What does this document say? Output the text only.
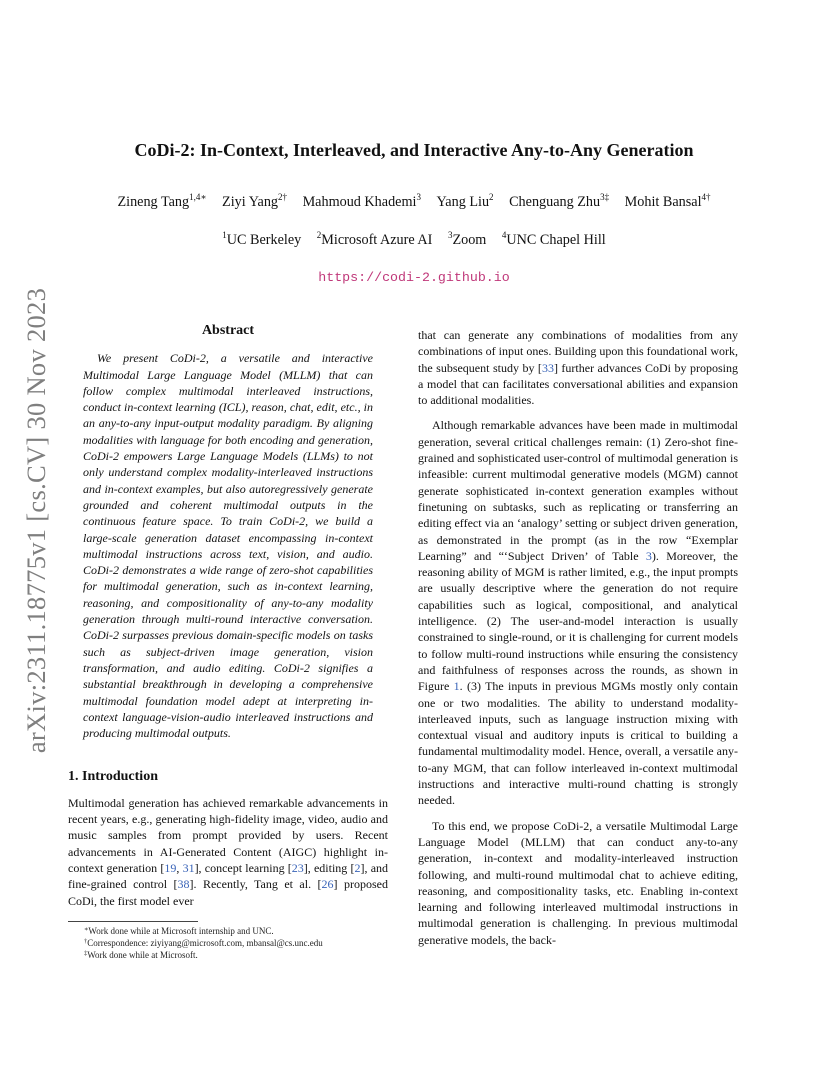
arXiv:2311.18775v1 [cs.CV] 30 Nov 2023
CoDi-2: In-Context, Interleaved, and Interactive Any-to-Any Generation
Zineng Tang$^{1,4∗}$ Ziyi Yang$^{2\dagger}$ Mahmoud Khademi$^3$ Yang Liu$^2$ Chenguang Zhu$^{3\ddagger}$ Mohit Bansal$^{4\dagger}$
$^1$UC Berkeley $^2$Microsoft Azure AI $^3$Zoom $^4$UNC Chapel Hill
https://codi-2.github.io
Abstract

We present CoDi-2, a versatile and interactive Multimodal Large Language Model (MLLM) that can follow complex multimodal interleaved instructions, conduct in-context learning (ICL), reason, chat, edit, etc., in an any-to-any input-output modality paradigm. By aligning modalities with language for both encoding and generation, CoDi-2 empowers Large Language Models (LLMs) to not only understand complex modality-interleaved instructions and in-context examples, but also autoregressively generate grounded and coherent multimodal outputs in the continuous feature space. To train CoDi-2, we build a large-scale generation dataset encompassing in-context multimodal instructions across text, vision, and audio. CoDi-2 demonstrates a wide range of zero-shot capabilities for multimodal generation, such as in-context learning, reasoning, and compositionality of any-to-any modality generation through multi-round interactive conversation. CoDi-2 surpasses previous domain-specific models on tasks such as subject-driven image generation, vision transformation, and audio editing. CoDi-2 signifies a substantial breakthrough in developing a comprehensive multimodal foundation model adept at interpreting in-context language-vision-audio interleaved instructions and producing multimodal outputs.

1. Introduction

Multimodal generation has achieved remarkable advancements in recent years, e.g., generating high-fidelity image, video, audio and music samples from prompt provided by users. Recent advancements in AI-Generated Content (AIGC) highlight in-context generation [19, 31], concept learning [23], editing [2], and fine-grained control [38]. Recently, Tang et al. [26] proposed CoDi, the first model ever

∗Work done while at Microsoft internship and UNC.

†Correspondence: ziyiyang@microsoft.com, mbansal@cs.unc.edu

‡Work done while at Microsoft.

that can generate any combinations of modalities from any combinations of input ones. Building upon this foundational work, the subsequent study by [33] further advances CoDi by proposing a model that can facilitates conversational abilities and expansion to additional modalities.

Although remarkable advances have been made in multimodal generation, several critical challenges remain: (1) Zero-shot fine-grained and sophisticated user-control of multimodal generation is infeasible: current multimodal generative models (MGM) cannot generate sophisticated in-context generation examples without finetuning on subtasks, such as replicating or transferring an editing effect via an ‘analogy’ setting or subject driven generation, as demonstrated in the prompt (as in the row “Exemplar Learning” and “‘Subject Driven’ of Table 3). Moreover, the reasoning ability of MGM is rather limited, e.g., the input prompts are usually descriptive where the generation do not require capabilities such as logical, compositional, and analytical intelligence. (2) The user-and-model interaction is usually constrained to single-round, or it is challenging for current models to follow multi-round instructions while ensuring the consistency and faithfulness of responses across the rounds, as shown in Figure 1. (3) The inputs in previous MGMs mostly only contain one or two modalities. The ability to understand modality-interleaved inputs, such as language instruction mixing with contextual visual and auditory inputs is critical to building a fundamental multimodality model. Hence, overall, a versatile any-to-any MGM, that can follow interleaved in-context multimodal instructions and interactive multi-round chatting is strongly needed.

To this end, we propose CoDi-2, a versatile Multimodal Large Language Model (MLLM) that can conduct any-to-any generation, in-context and modality-interleaved instruction following, and multi-round multimodal chat to achieve editing, reasoning, and compositionality tasks, etc. Enabling in-context learning and following interleaved multimodal instructions in multimodal generation is challenging. In previous multimodal generative models, the back-
